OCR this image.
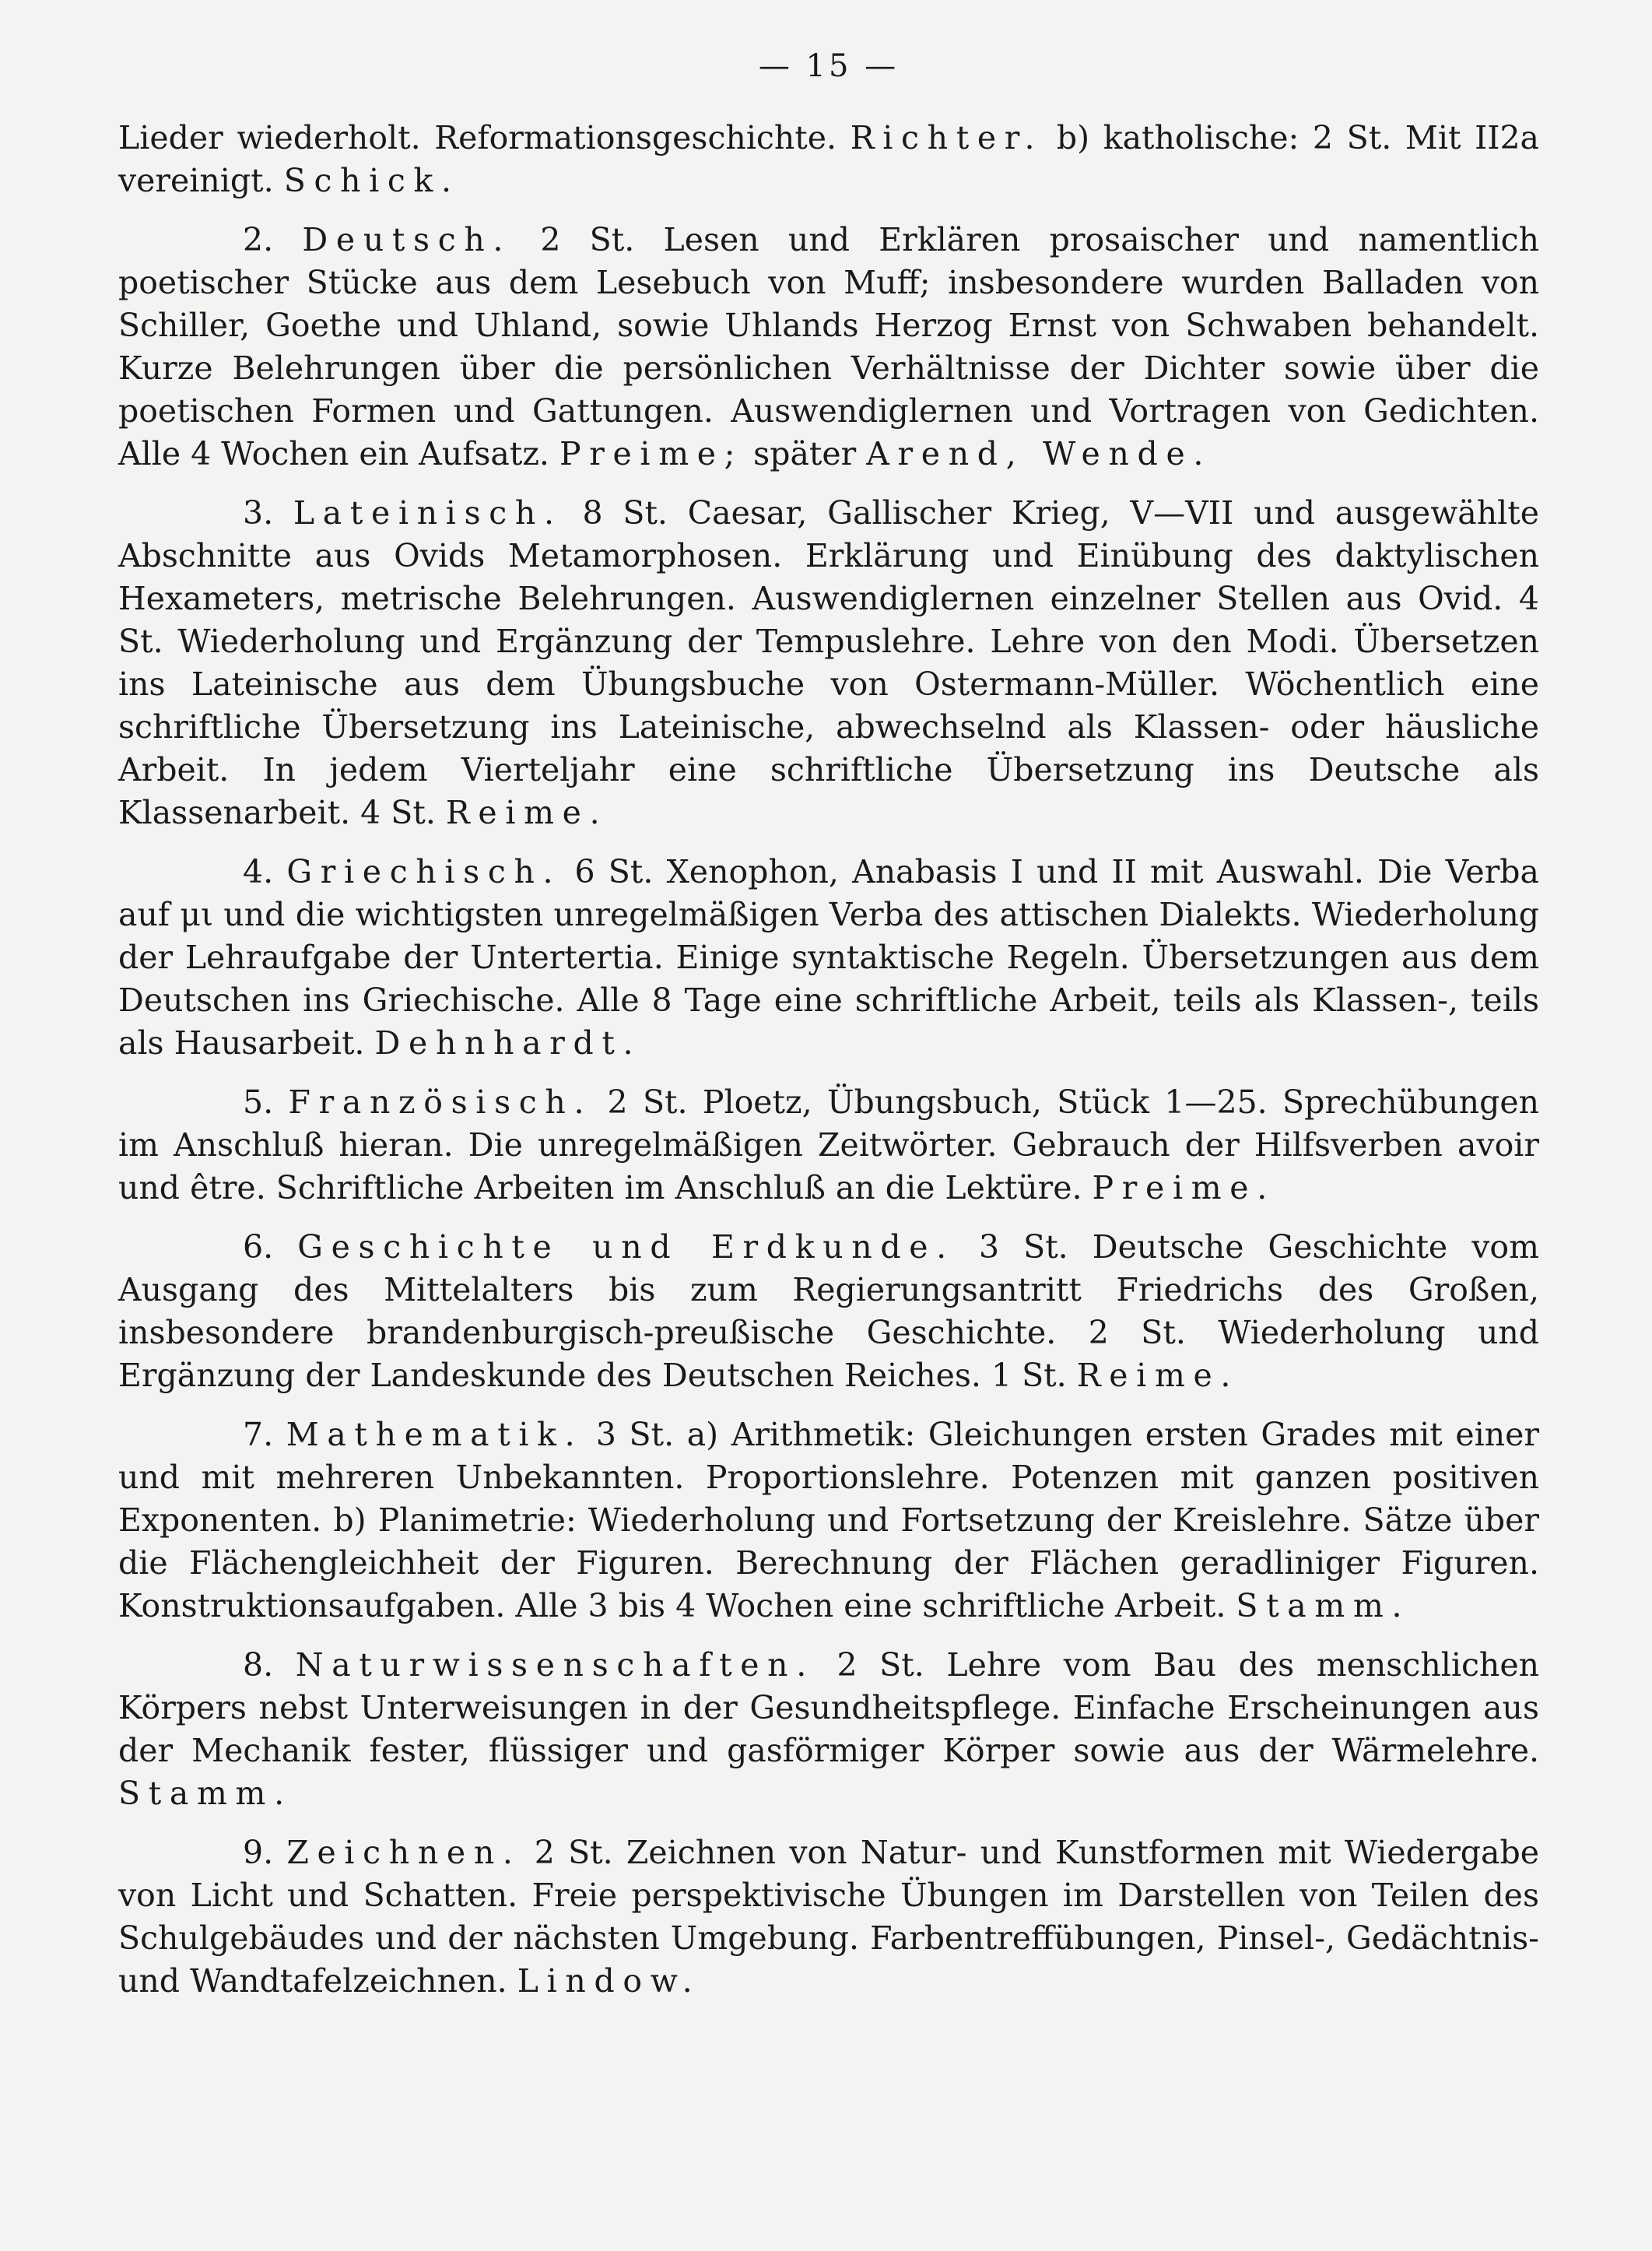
— 15 —

Lieder wiederholt. Reformationsgeschichte. Richter. b) katholische: 2 St. Mit II2a vereinigt. Schick.

2. Deutsch. 2 St. Lesen und Erklären prosaischer und namentlich poetischer Stücke aus dem Lesebuch von Muff; insbesondere wurden Balladen von Schiller, Goethe und Uhland, sowie Uhlands Herzog Ernst von Schwaben behandelt. Kurze Belehrungen über die persönlichen Verhältnisse der Dichter sowie über die poetischen Formen und Gattungen. Auswendiglernen und Vortragen von Gedichten. Alle 4 Wochen ein Aufsatz. Preime; später Arend, Wende.

3. Lateinisch. 8 St. Caesar, Gallischer Krieg, V—VII und ausgewählte Abschnitte aus Ovids Metamorphosen. Erklärung und Einübung des daktylischen Hexameters, metrische Belehrungen. Auswendiglernen einzelner Stellen aus Ovid. 4 St. Wiederholung und Ergänzung der Tempuslehre. Lehre von den Modi. Übersetzen ins Lateinische aus dem Übungsbuche von Ostermann-Müller. Wöchentlich eine schriftliche Übersetzung ins Lateinische, abwechselnd als Klassen- oder häusliche Arbeit. In jedem Vierteljahr eine schriftliche Übersetzung ins Deutsche als Klassenarbeit. 4 St. Reime.

4. Griechisch. 6 St. Xenophon, Anabasis I und II mit Auswahl. Die Verba auf μι und die wichtigsten unregelmäßigen Verba des attischen Dialekts. Wiederholung der Lehraufgabe der Untertertia. Einige syntaktische Regeln. Übersetzungen aus dem Deutschen ins Griechische. Alle 8 Tage eine schriftliche Arbeit, teils als Klassen-, teils als Hausarbeit. Dehnhardt.

5. Französisch. 2 St. Ploetz, Übungsbuch, Stück 1—25. Sprechübungen im Anschluß hieran. Die unregelmäßigen Zeitwörter. Gebrauch der Hilfsverben avoir und être. Schriftliche Arbeiten im Anschluß an die Lektüre. Preime.

6. Geschichte und Erdkunde. 3 St. Deutsche Geschichte vom Ausgang des Mittelalters bis zum Regierungsantritt Friedrichs des Großen, insbesondere brandenburgisch-preußische Geschichte. 2 St. Wiederholung und Ergänzung der Landeskunde des Deutschen Reiches. 1 St. Reime.

7. Mathematik. 3 St. a) Arithmetik: Gleichungen ersten Grades mit einer und mit mehreren Unbekannten. Proportionslehre. Potenzen mit ganzen positiven Exponenten. b) Planimetrie: Wiederholung und Fortsetzung der Kreislehre. Sätze über die Flächengleichheit der Figuren. Berechnung der Flächen geradliniger Figuren. Konstruktionsaufgaben. Alle 3 bis 4 Wochen eine schriftliche Arbeit. Stamm.

8. Naturwissenschaften. 2 St. Lehre vom Bau des menschlichen Körpers nebst Unterweisungen in der Gesundheitspflege. Einfache Erscheinungen aus der Mechanik fester, flüssiger und gasförmiger Körper sowie aus der Wärmelehre. Stamm.

9. Zeichnen. 2 St. Zeichnen von Natur- und Kunstformen mit Wiedergabe von Licht und Schatten. Freie perspektivische Übungen im Darstellen von Teilen des Schulgebäudes und der nächsten Umgebung. Farbentreffübungen, Pinsel-, Gedächtnis- und Wandtafelzeichnen. Lindow.
